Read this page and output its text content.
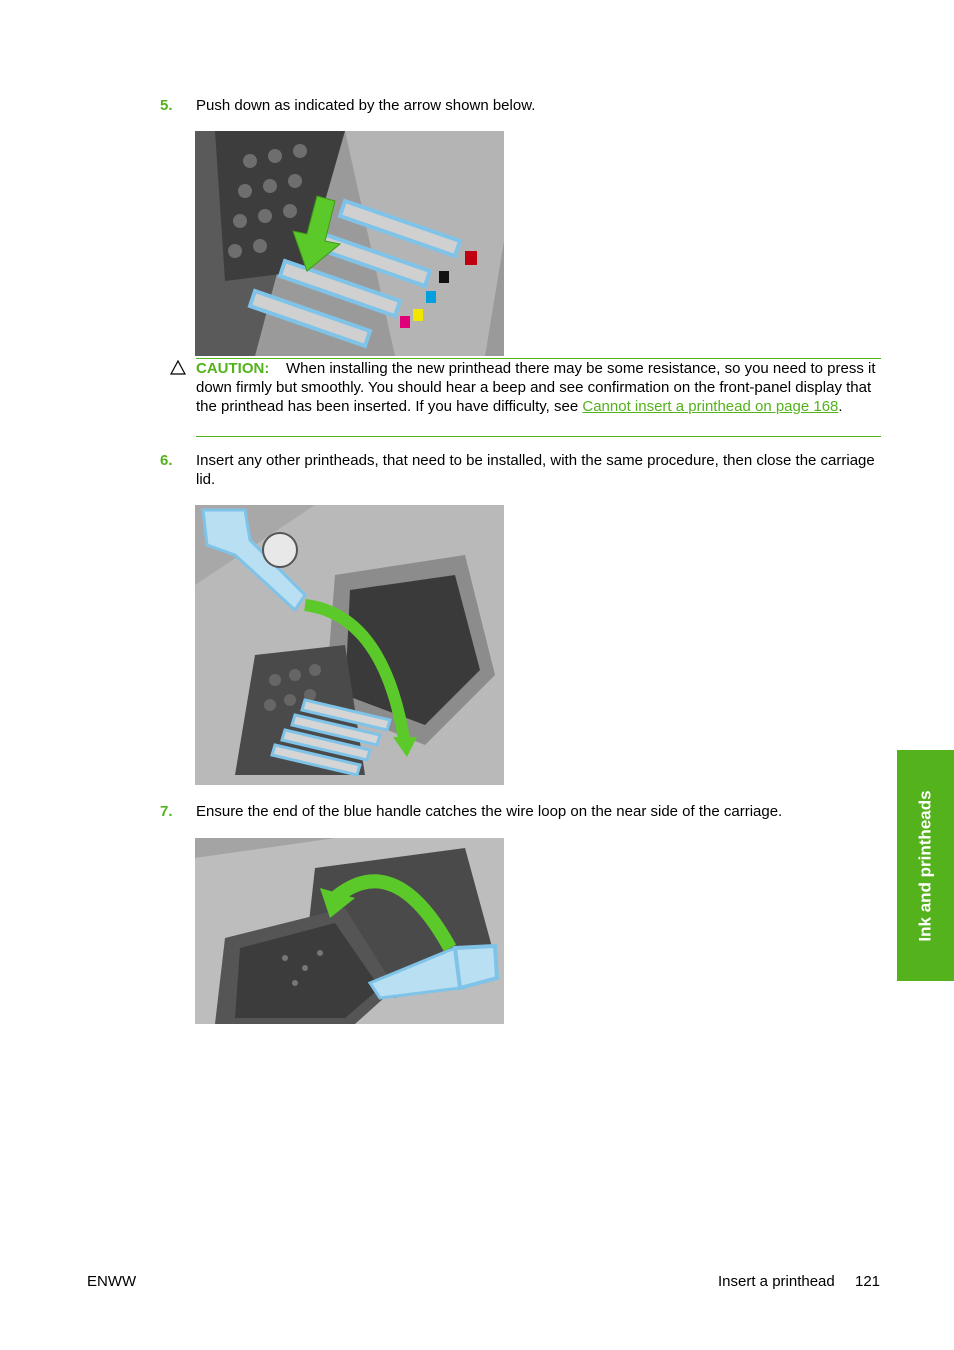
5. Push down as indicated by the arrow shown below.
CAUTION: When installing the new printhead there may be some resistance, so you need to press it down firmly but smoothly. You should hear a beep and see confirmation on the front-panel display that the printhead has been inserted. If you have difficulty, see Cannot insert a printhead on page 168.
6. Insert any other printheads, that need to be installed, with the same procedure, then close the carriage lid.
7. Ensure the end of the blue handle catches the wire loop on the near side of the carriage.	Ink and printheads
ENWW	Insert a printhead 121
